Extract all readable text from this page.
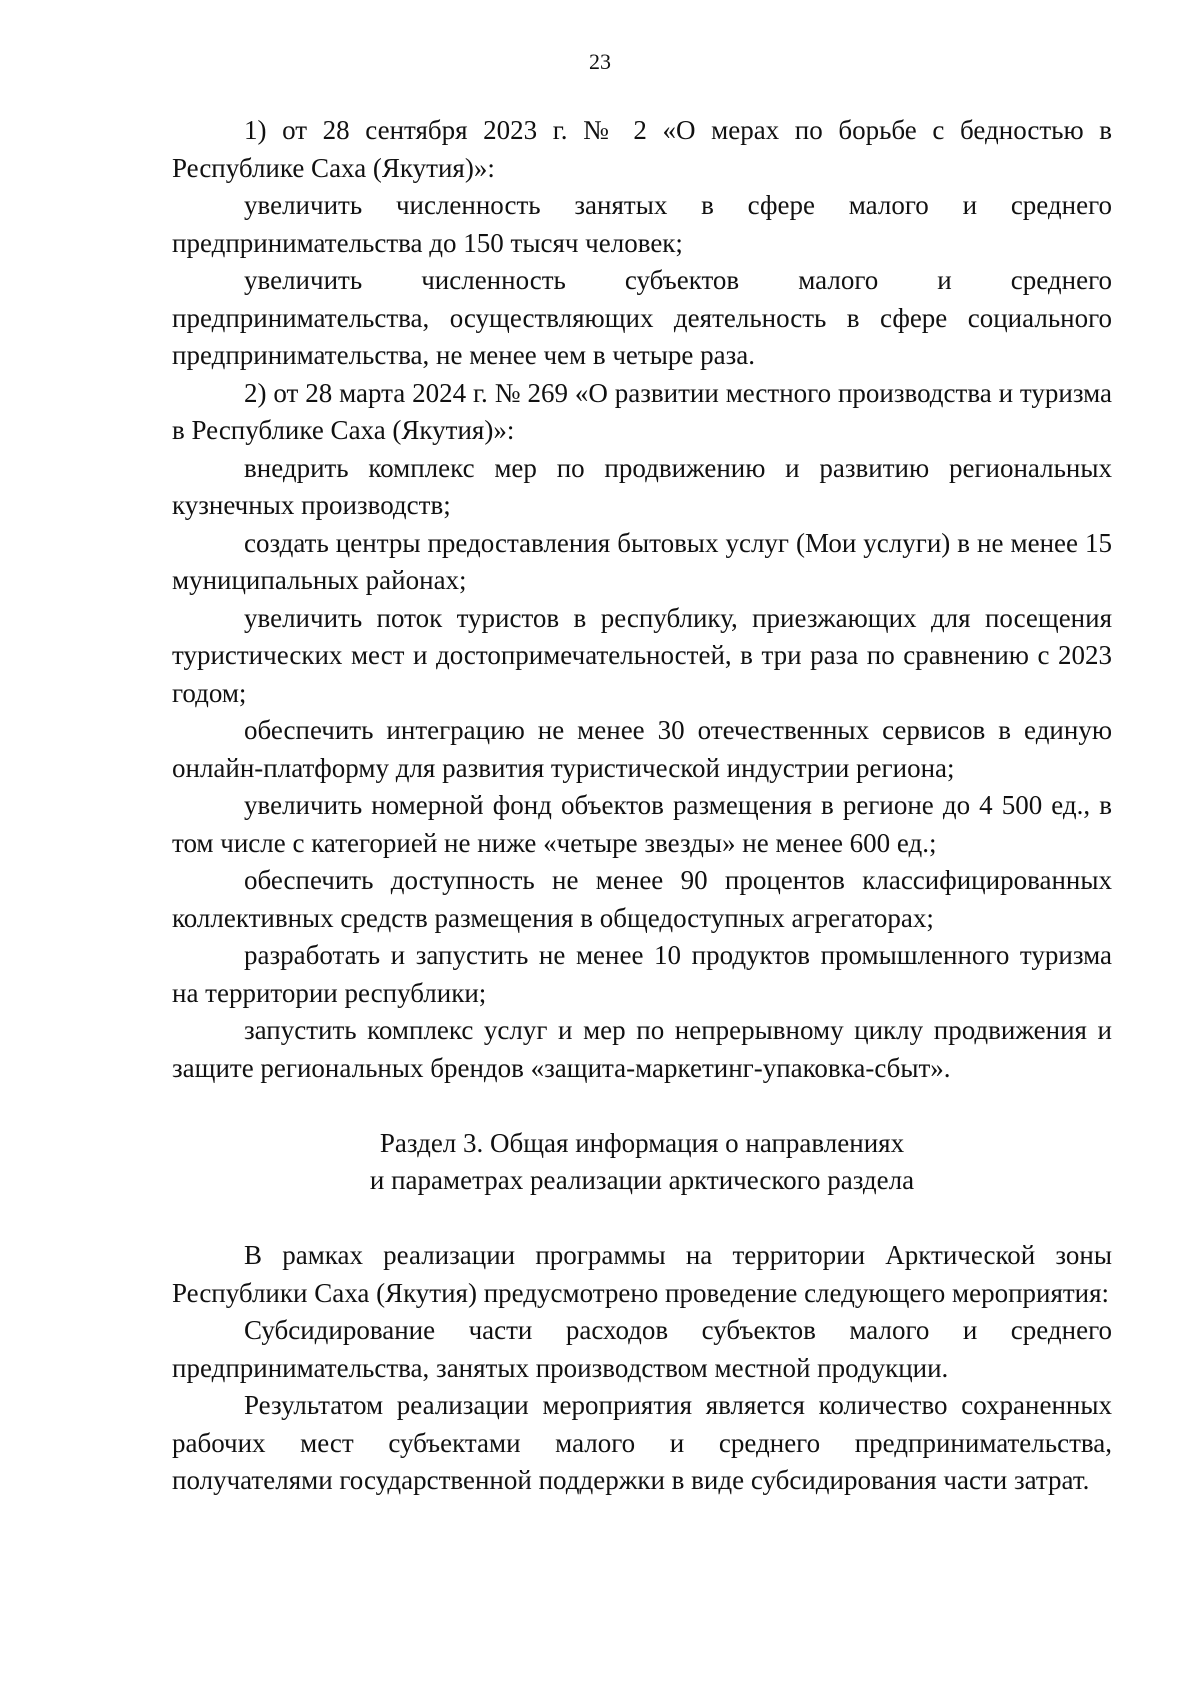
23

1) от 28 сентября 2023 г. № 2 «О мерах по борьбе с бедностью в Республике Саха (Якутия)»:

увеличить численность занятых в сфере малого и среднего предпринимательства до 150 тысяч человек;

увеличить численность субъектов малого и среднего предпринимательства, осуществляющих деятельность в сфере социального предпринимательства, не менее чем в четыре раза.

2) от 28 марта 2024 г. № 269 «О развитии местного производства и туризма в Республике Саха (Якутия)»:

внедрить комплекс мер по продвижению и развитию региональных кузнечных производств;

создать центры предоставления бытовых услуг (Мои услуги) в не менее 15 муниципальных районах;

увеличить поток туристов в республику, приезжающих для посещения туристических мест и достопримечательностей, в три раза по сравнению с 2023 годом;

обеспечить интеграцию не менее 30 отечественных сервисов в единую онлайн-платформу для развития туристической индустрии региона;

увеличить номерной фонд объектов размещения в регионе до 4 500 ед., в том числе с категорией не ниже «четыре звезды» не менее 600 ед.;

обеспечить доступность не менее 90 процентов классифицированных коллективных средств размещения в общедоступных агрегаторах;

разработать и запустить не менее 10 продуктов промышленного туризма на территории республики;

запустить комплекс услуг и мер по непрерывному циклу продвижения и защите региональных брендов «защита-маркетинг-упаковка-сбыт».

Раздел 3. Общая информация о направлениях
и параметрах реализации арктического раздела

В рамках реализации программы на территории Арктической зоны Республики Саха (Якутия) предусмотрено проведение следующего мероприятия:

Субсидирование части расходов субъектов малого и среднего предпринимательства, занятых производством местной продукции.

Результатом реализации мероприятия является количество сохраненных рабочих мест субъектами малого и среднего предпринимательства, получателями государственной поддержки в виде субсидирования части затрат.
